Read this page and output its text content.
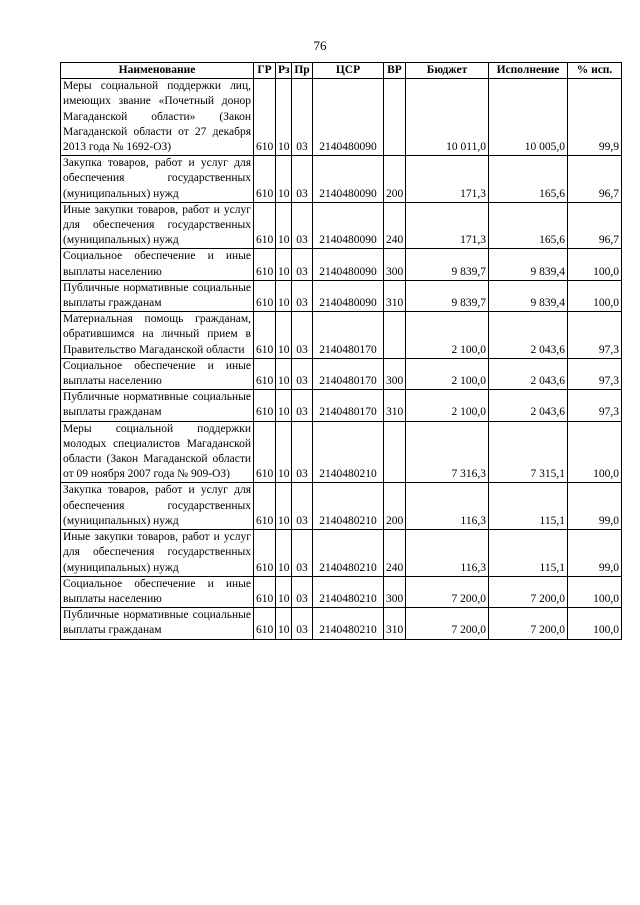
76
Наименование	ГР	Рз	Пр	ЦСР	ВР	Бюджет	Исполнение	% исп.
Меры социальной поддержки лиц, имеющих звание «Почетный донор Магаданской области» (Закон Магаданской области от 27 декабря 2013 года № 1692-ОЗ)	610	10	03	2140480090		10 011,0	10 005,0	99,9
Закупка товаров, работ и услуг для обеспечения государственных (муниципальных) нужд	610	10	03	2140480090	200	171,3	165,6	96,7
Иные закупки товаров, работ и услуг для обеспечения государственных (муниципальных) нужд	610	10	03	2140480090	240	171,3	165,6	96,7
Социальное обеспечение и иные выплаты населению	610	10	03	2140480090	300	9 839,7	9 839,4	100,0
Публичные нормативные социальные выплаты гражданам	610	10	03	2140480090	310	9 839,7	9 839,4	100,0
Материальная помощь гражданам, обратившимся на личный прием в Правительство Магаданской области	610	10	03	2140480170		2 100,0	2 043,6	97,3
Социальное обеспечение и иные выплаты населению	610	10	03	2140480170	300	2 100,0	2 043,6	97,3
Публичные нормативные социальные выплаты гражданам	610	10	03	2140480170	310	2 100,0	2 043,6	97,3
Меры социальной поддержки молодых специалистов Магаданской области (Закон Магаданской области от 09 ноября 2007 года № 909-ОЗ)	610	10	03	2140480210		7 316,3	7 315,1	100,0
Закупка товаров, работ и услуг для обеспечения государственных (муниципальных) нужд	610	10	03	2140480210	200	116,3	115,1	99,0
Иные закупки товаров, работ и услуг для обеспечения государственных (муниципальных) нужд	610	10	03	2140480210	240	116,3	115,1	99,0
Социальное обеспечение и иные выплаты населению	610	10	03	2140480210	300	7 200,0	7 200,0	100,0
Публичные нормативные социальные выплаты гражданам	610	10	03	2140480210	310	7 200,0	7 200,0	100,0
